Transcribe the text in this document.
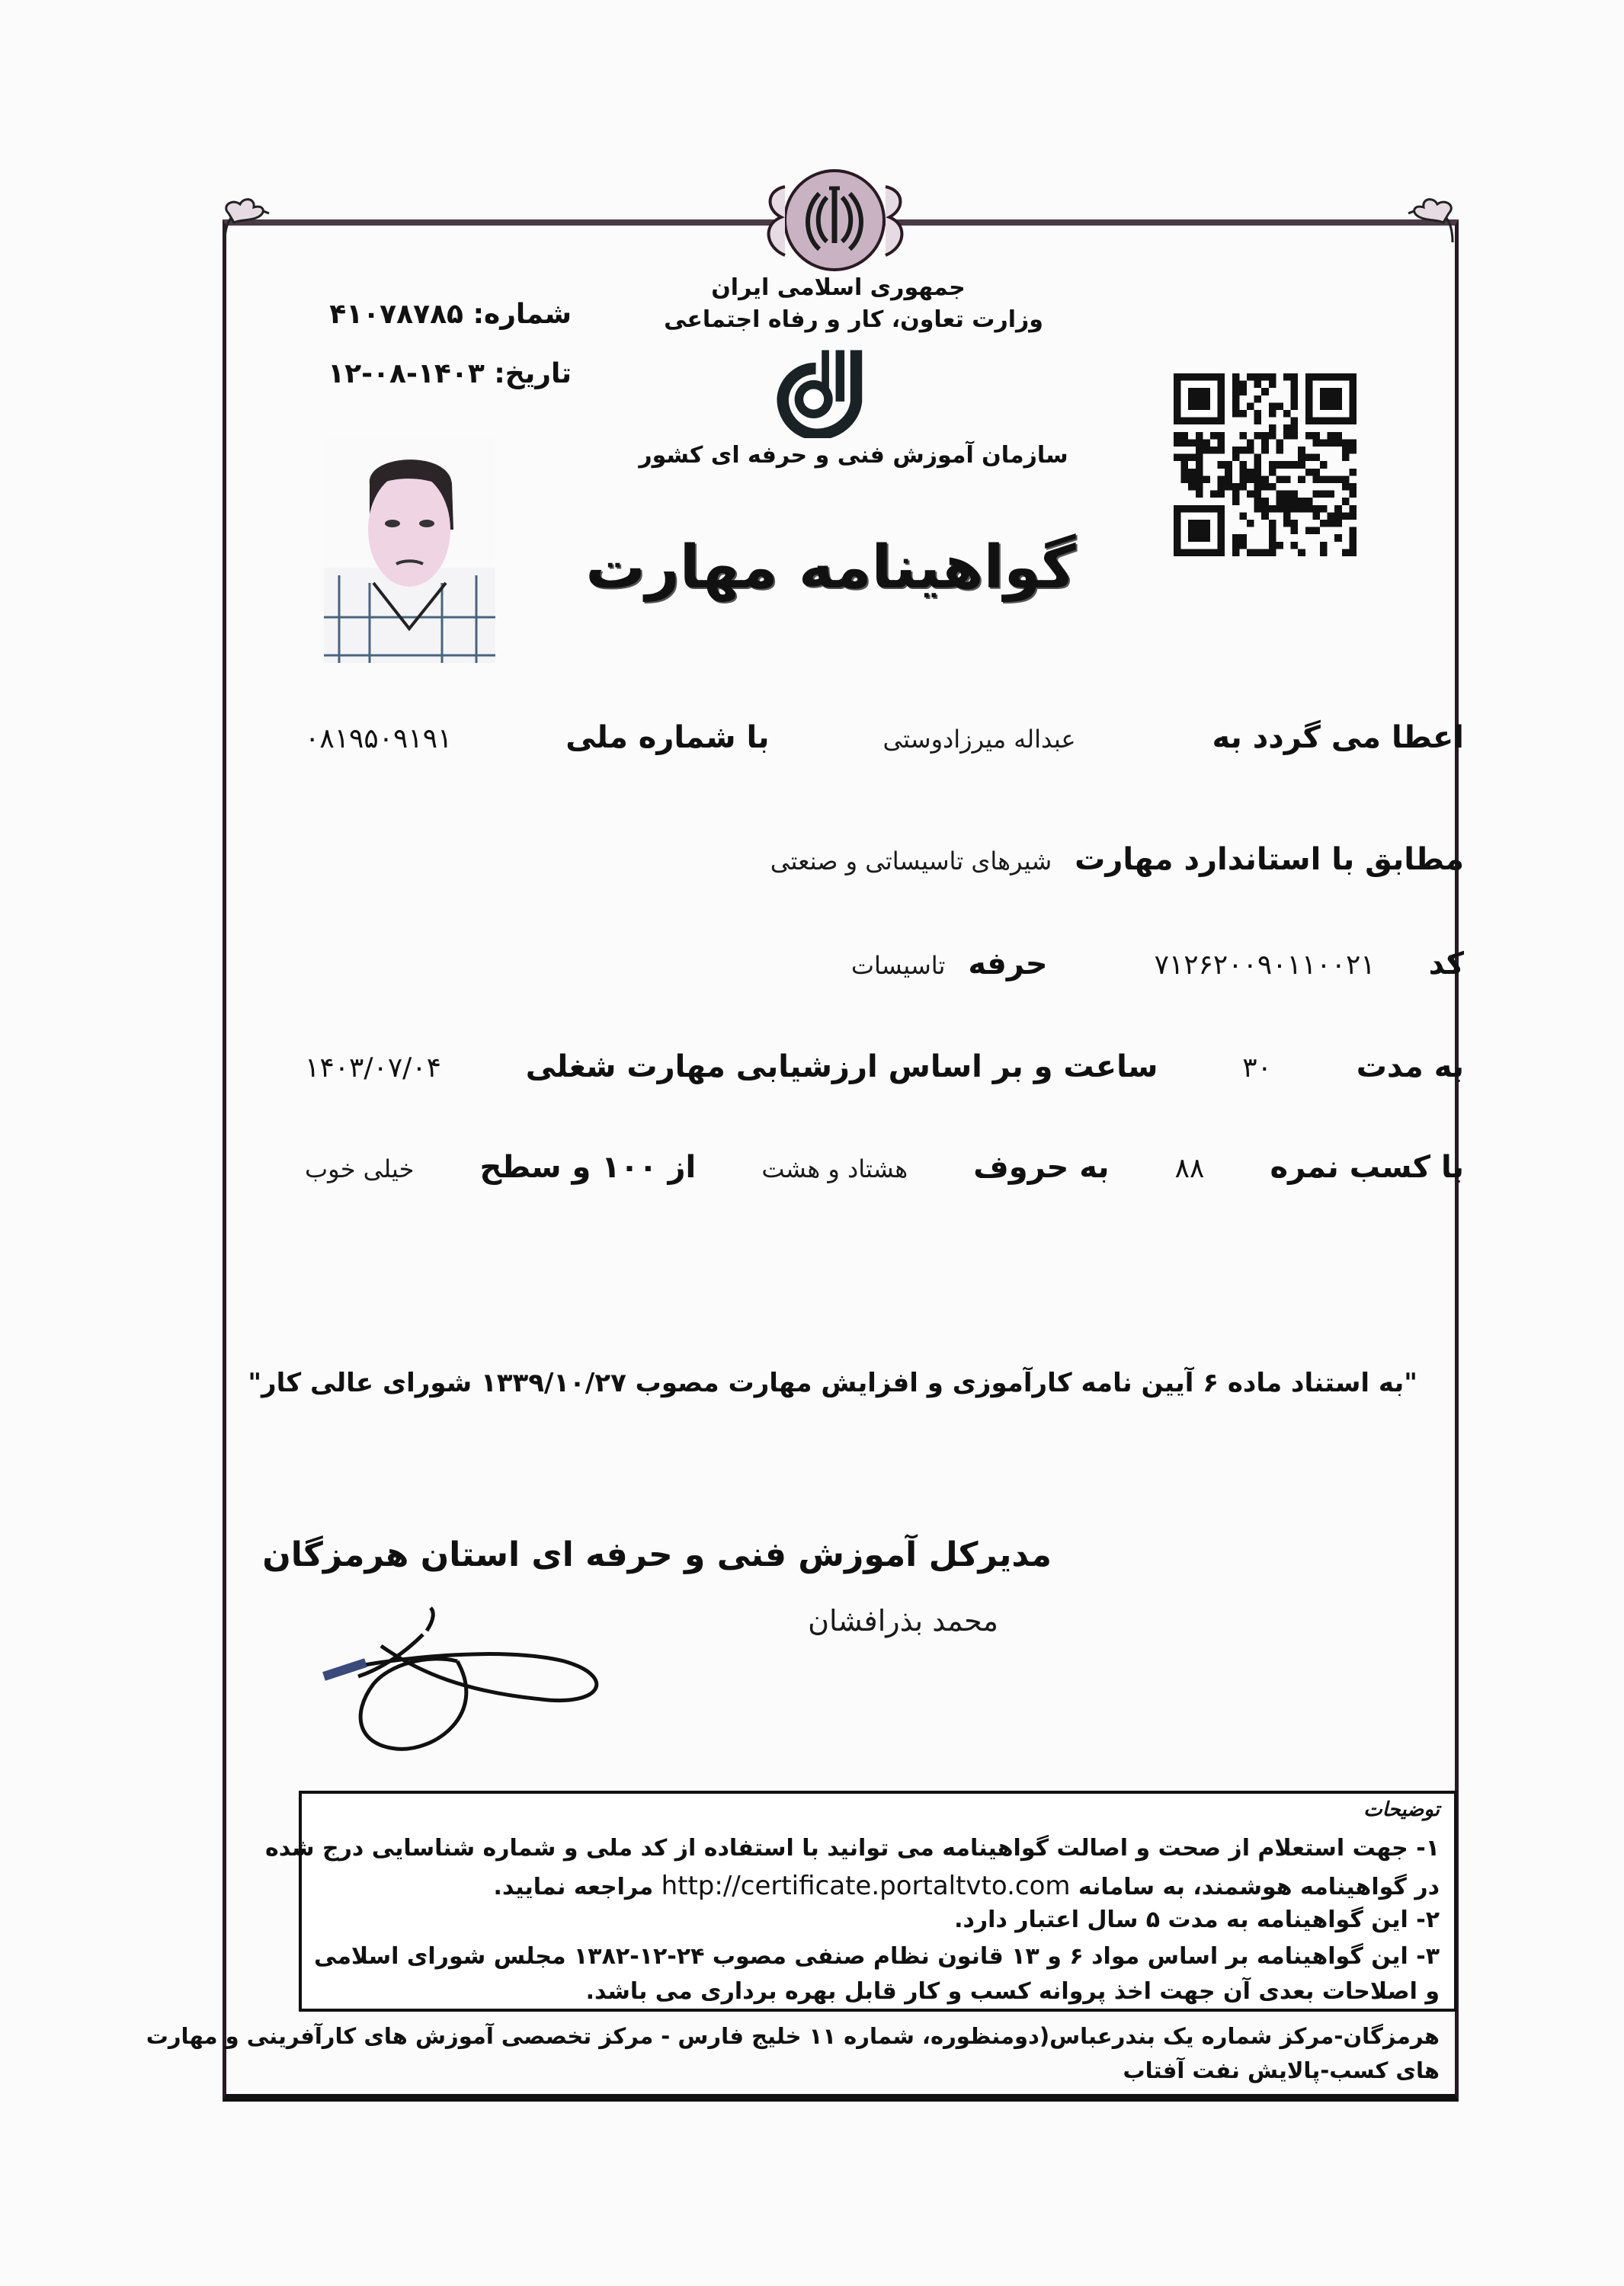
جمهوری اسلامی ایران
وزارت تعاون، کار و رفاه اجتماعی
سازمان آموزش فنی و حرفه ای کشور
شماره: ۴۱۰۷۸۷۸۵
تاریخ: ۱۴۰۳-۰۸-۱۲
گواهینامه مهارت
اعطا می گردد به
عبداله میرزادوستی
با شماره ملی
۰۸۱۹۵۰۹۱۹۱
مطابق با استاندارد مهارت
شیرهای تاسیساتی و صنعتی
کد
۷۱۲۶۲۰۰۹۰۱۱۰۰۲۱
حرفه
تاسیسات
به مدت
۳۰
ساعت و بر اساس ارزشیابی مهارت شغلی
۱۴۰۳/۰۷/۰۴
با کسب نمره
۸۸
به حروف
هشتاد و هشت
از ۱۰۰ و سطح
خیلی خوب
"به استناد ماده ۶ آیین نامه کارآموزی و افزایش مهارت مصوب ۱۳۳۹/۱۰/۲۷ شورای عالی کار"
مدیرکل آموزش فنی و حرفه ای استان هرمزگان
محمد بذرافشان
توضیحات
۱- جهت استعلام از صحت و اصالت گواهینامه می توانید با استفاده از کد ملی و شماره شناسایی درج شده
در گواهینامه هوشمند، به سامانه http://certificate.portaltvto.com مراجعه نمایید.
۲- این گواهینامه به مدت ۵ سال اعتبار دارد.
۳- این گواهینامه بر اساس مواد ۶ و ۱۳ قانون نظام صنفی مصوب ۲۴-۱۲-۱۳۸۲ مجلس شورای اسلامی
و اصلاحات بعدی آن جهت اخذ پروانه کسب و کار قابل بهره برداری می باشد.
هرمزگان-مرکز شماره یک بندرعباس(دومنظوره، شماره ۱۱ خلیج فارس - مرکز تخصصی آموزش های کارآفرینی و مهارت
های کسب-پالایش نفت آفتاب
